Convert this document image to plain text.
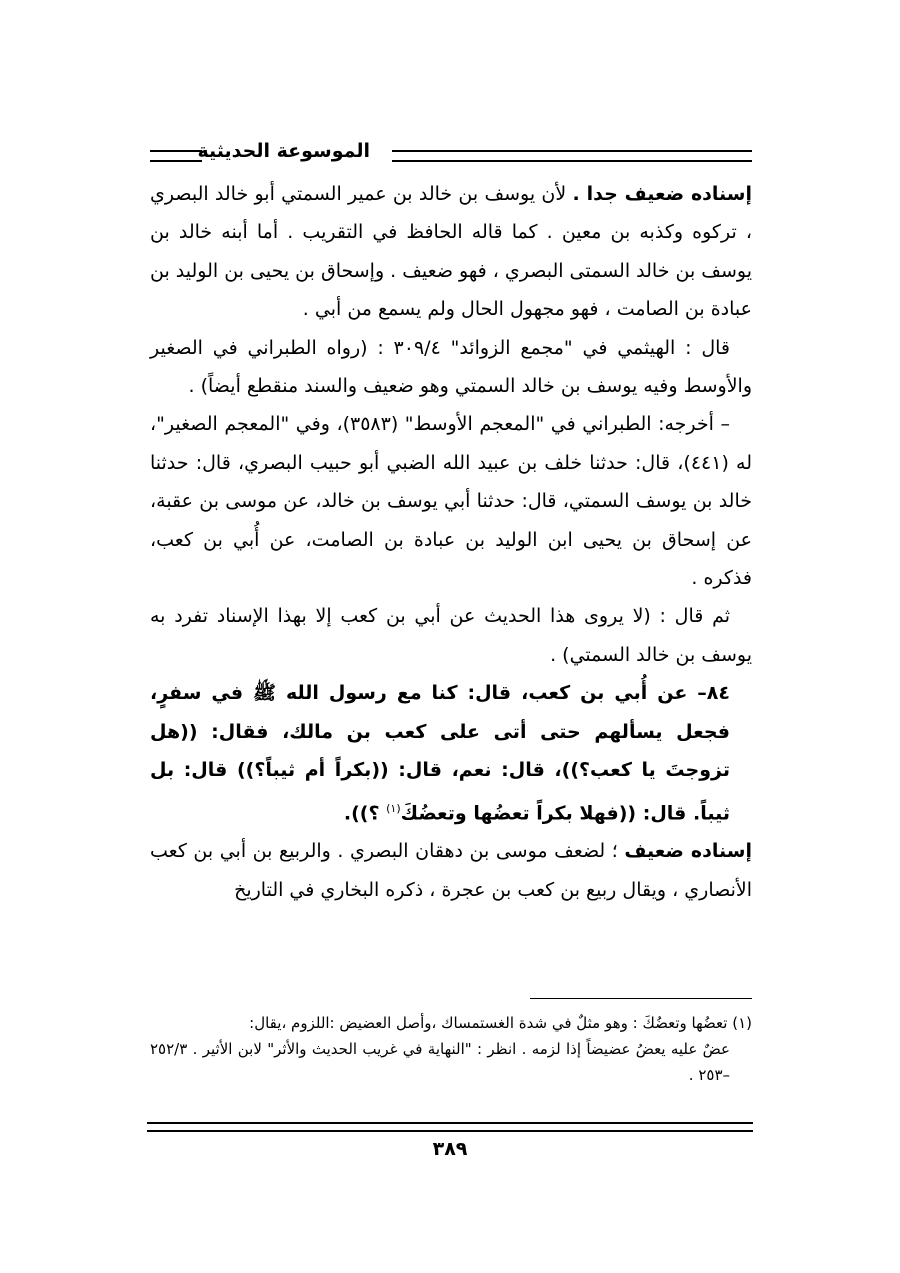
الموسوعة الحديثية

إسناده ضعيف جدا . لأن يوسف بن خالد بن عمير السمتي أبو خالد البصري ، تركوه وكذبه بن معين . كما قاله الحافظ في التقريب . أما أبنه خالد بن يوسف بن خالد السمتى البصري ، فهو ضعيف . وإسحاق بن يحيى بن الوليد بن عبادة بن الصامت ، فهو مجهول الحال ولم يسمع من أبي .

قال : الهيثمي في "مجمع الزوائد" ٣٠٩/٤ : (رواه الطبراني في الصغير والأوسط وفيه يوسف بن خالد السمتي وهو ضعيف والسند منقطع أيضاً) .

– أخرجه: الطبراني في "المعجم الأوسط" (٣٥٨٣)، وفي "المعجم الصغير"، له (٤٤١)، قال: حدثنا خلف بن عبيد الله الضبي أبو حبيب البصري، قال: حدثنا خالد بن يوسف السمتي، قال: حدثنا أبي يوسف بن خالد، عن موسى بن عقبة، عن إسحاق بن يحيى ابن الوليد بن عبادة بن الصامت، عن أُبي بن كعب، فذكره .

ثم قال : (لا يروى هذا الحديث عن أبي بن كعب إلا بهذا الإسناد تفرد به يوسف بن خالد السمتي) .

٨٤– عن أُبي بن كعب، قال: كنا مع رسول الله ﷺ في سفرٍ، فجعل يسألهم حتى أتى على كعب بن مالك، فقال: ((هل تزوجتَ يا كعب؟))، قال: نعم، قال: ((بكراً أم ثيباً؟)) قال: بل ثيباً. قال: ((فهلا بكراً تعضُها وتعضُكَ$^{(١)}$ ؟)).

إسناده ضعيف ؛ لضعف موسى بن دهقان البصري . والربيع بن أبي بن كعب الأنصاري ، ويقال ربيع بن كعب بن عجرة ، ذكره البخاري في التاريخ

(١) تعضُها وتعضُكَ : وهو مثلٌ في شدة الغستمساك ،وأصل العضيض :اللزوم ،يقال:

عضٌ عليه يعضُ عضيضاً إذا لزمه . انظر : "النهاية في غريب الحديث والأثر" لابن الأثير . ٢٥٢/٣ –٢٥٣ .

٣٨٩
